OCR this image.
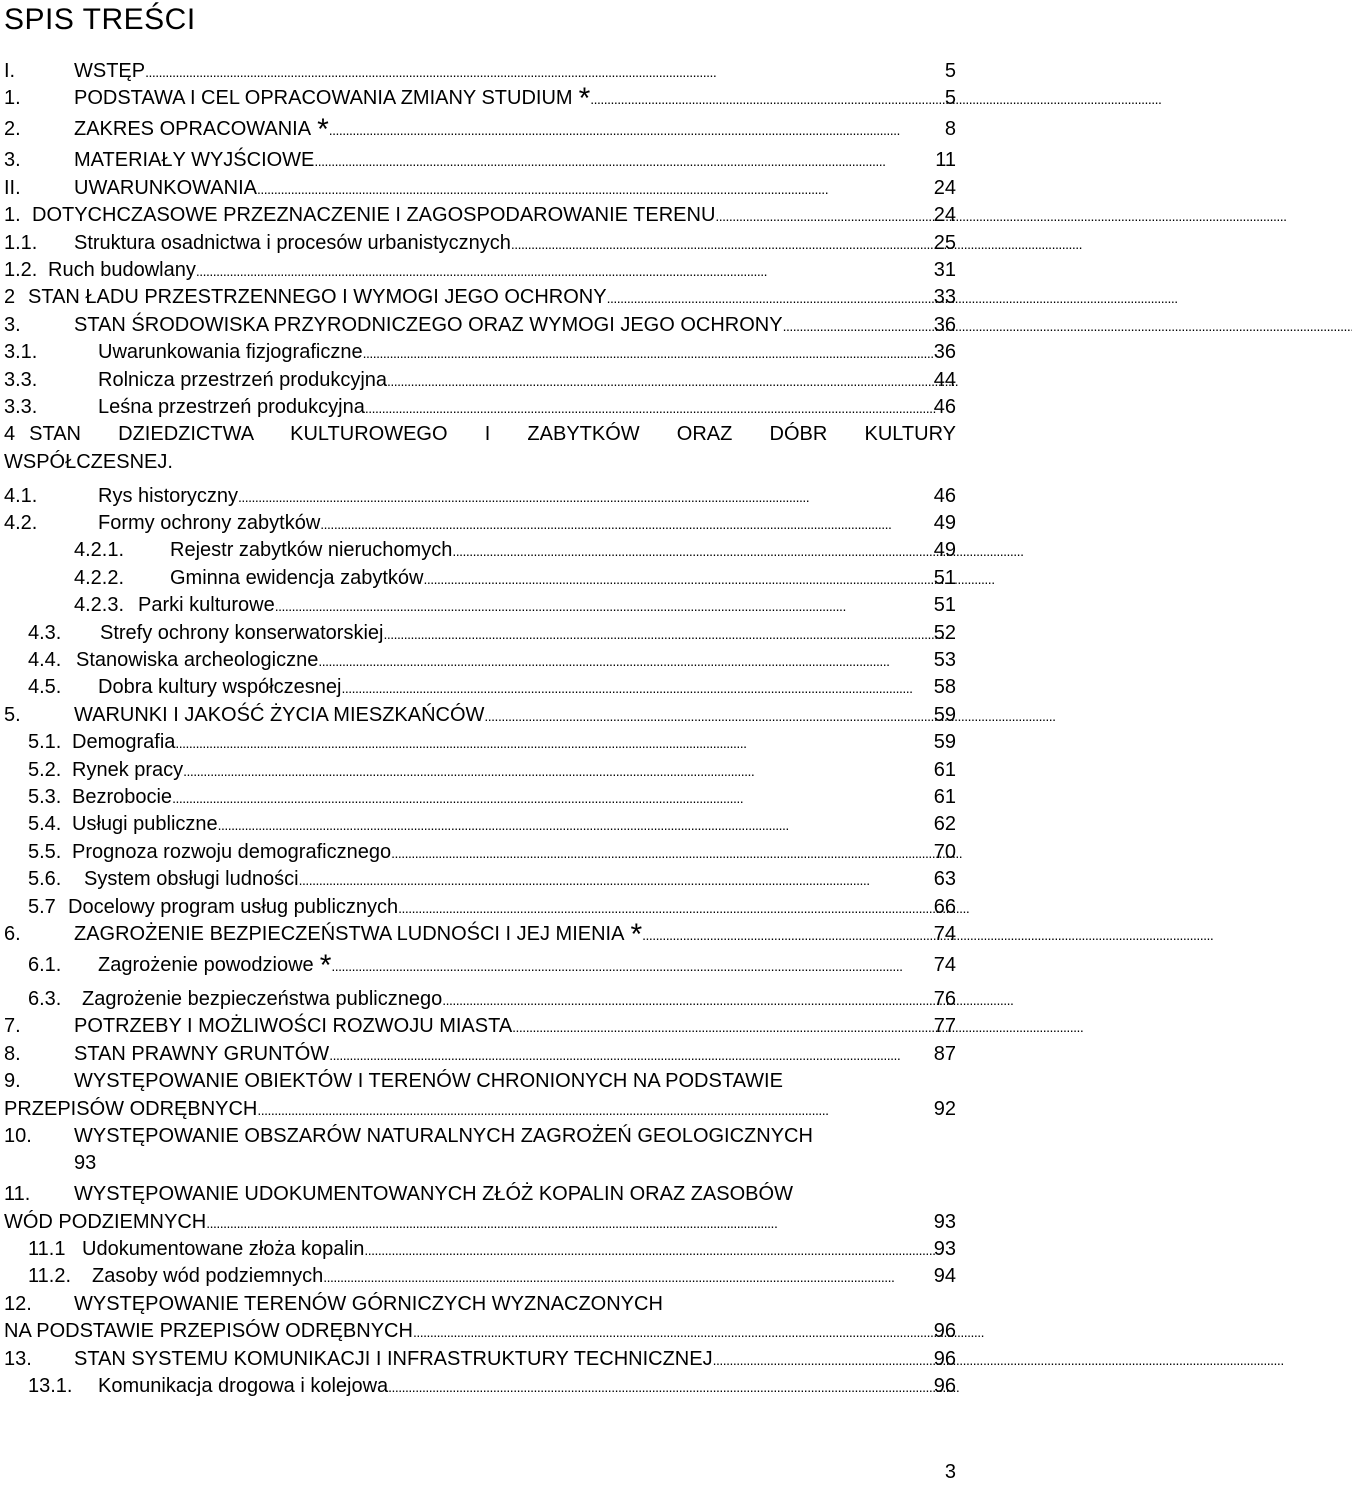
SPIS TREŚCI
I.	WSTĘP . . .	5
1.	PODSTAWA I CEL OPRACOWANIA ZMIANY STUDIUM * . . .	5
2.	ZAKRES OPRACOWANIA * . . .	8
3.	MATERIAŁY WYJŚCIOWE . . .	11
II.	UWARUNKOWANIA . . .	24
1. DOTYCHCZASOWE PRZEZNACZENIE I ZAGOSPODAROWANIE TERENU . . .	24
1.1.	Struktura osadnictwa i procesów urbanistycznych . . .	25
1.2. Ruch budowlany . . .	31
2 STAN ŁADU PRZESTRZENNEGO I WYMOGI JEGO OCHRONY . . .	33
3.	STAN ŚRODOWISKA PRZYRODNICZEGO ORAZ WYMOGI JEGO OCHRONY . . .	36
3.1.	Uwarunkowania fizjograficzne . . .	36
3.3.	Rolnicza przestrzeń produkcyjna . . .	44
3.3.	Leśna przestrzeń produkcyjna . . .	46
4 STAN DZIEDZICTWA KULTUROWEGO I ZABYTKÓW ORAZ DÓBR KULTURY
WSPÓŁCZESNEJ.
4.1.	Rys historyczny . . .	46
4.2.	Formy ochrony zabytków . . .	49
4.2.1.	Rejestr zabytków nieruchomych . . .	49
4.2.2.	Gminna ewidencja zabytków . . .	51
4.2.3. Parki kulturowe . . .	51
4.3.	Strefy ochrony konserwatorskiej . . .	52
4.4. Stanowiska archeologiczne . . .	53
4.5.	Dobra kultury współczesnej . . .	58
5.	WARUNKI I JAKOŚĆ ŻYCIA MIESZKAŃCÓW . . .	59
5.1. Demografia . . .	59
5.2. Rynek pracy . . .	61
5.3. Bezrobocie . . .	61
5.4. Usługi publiczne . . .	62
5.5. Prognoza rozwoju demograficznego . . .	70
5.6.	System obsługi ludności . . .	63
5.7 Docelowy program usług publicznych . . .	66
6.	ZAGROŻENIE BEZPIECZEŃSTWA LUDNOŚCI I JEJ MIENIA * . . .	74
6.1.	Zagrożenie powodziowe * . . .	74
6.3.	Zagrożenie bezpieczeństwa publicznego . . .	76
7.	POTRZEBY I MOŻLIWOŚCI ROZWOJU MIASTA . . .	77
8.	STAN PRAWNY GRUNTÓW . . .	87
9.	WYSTĘPOWANIE OBIEKTÓW I TERENÓW CHRONIONYCH NA PODSTAWIE
PRZEPISÓW ODRĘBNYCH . . .	92
10. WYSTĘPOWANIE OBSZARÓW NATURALNYCH ZAGROŻEŃ GEOLOGICZNYCH
93
11. WYSTĘPOWANIE UDOKUMENTOWANYCH ZŁÓŻ KOPALIN ORAZ ZASOBÓW
WÓD PODZIEMNYCH . . .	93
11.1 Udokumentowane złoża kopalin . . .	93
11.2.	Zasoby wód podziemnych . . .	94
12. WYSTĘPOWANIE TERENÓW GÓRNICZYCH WYZNACZONYCH
NA PODSTAWIE PRZEPISÓW ODRĘBNYCH . . .	96
13.	STAN SYSTEMU KOMUNIKACJI I INFRASTRUKTURY TECHNICZNEJ . . .	96
13.1.	Komunikacja drogowa i kolejowa . . .	96
3
